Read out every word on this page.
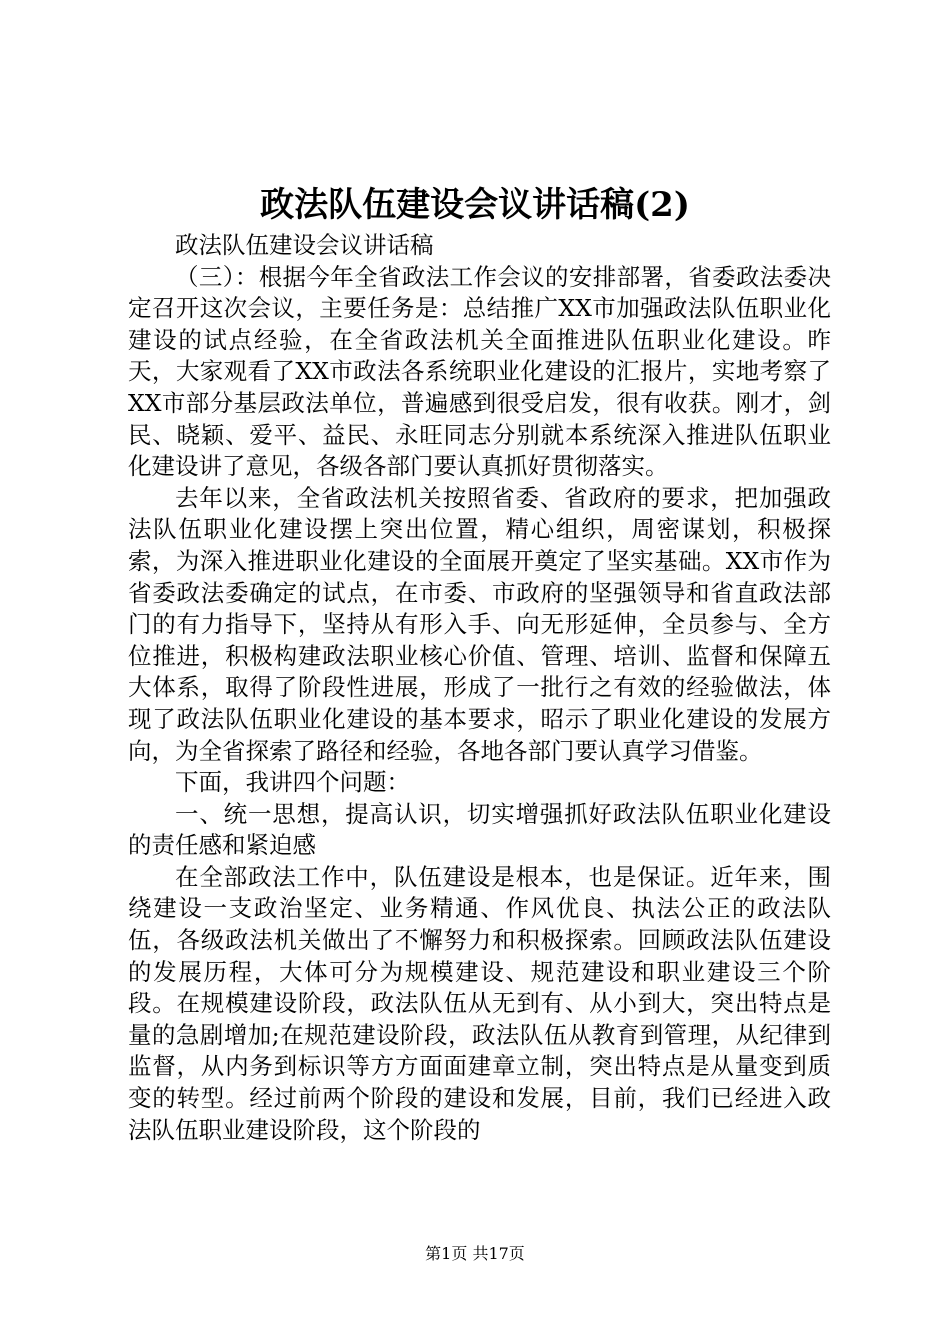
政法队伍建设会议讲话稿(2)

政法队伍建设会议讲话稿

（三）：根据今年全省政法工作会议的安排部署，省委政法委决定召开这次会议，主要任务是：总结推广XX市加强政法队伍职业化建设的试点经验，在全省政法机关全面推进队伍职业化建设。昨天，大家观看了XX市政法各系统职业化建设的汇报片，实地考察了XX市部分基层政法单位，普遍感到很受启发，很有收获。刚才，剑民、晓颖、爱平、益民、永旺同志分别就本系统深入推进队伍职业化建设讲了意见，各级各部门要认真抓好贯彻落实。

去年以来，全省政法机关按照省委、省政府的要求，把加强政法队伍职业化建设摆上突出位置，精心组织，周密谋划，积极探索，为深入推进职业化建设的全面展开奠定了坚实基础。XX市作为省委政法委确定的试点，在市委、市政府的坚强领导和省直政法部门的有力指导下，坚持从有形入手、向无形延伸，全员参与、全方位推进，积极构建政法职业核心价值、管理、培训、监督和保障五大体系，取得了阶段性进展，形成了一批行之有效的经验做法，体现了政法队伍职业化建设的基本要求，昭示了职业化建设的发展方向，为全省探索了路径和经验，各地各部门要认真学习借鉴。

下面，我讲四个问题：

一、统一思想，提高认识，切实增强抓好政法队伍职业化建设的责任感和紧迫感

在全部政法工作中，队伍建设是根本，也是保证。近年来，围绕建设一支政治坚定、业务精通、作风优良、执法公正的政法队伍，各级政法机关做出了不懈努力和积极探索。回顾政法队伍建设的发展历程，大体可分为规模建设、规范建设和职业建设三个阶段。在规模建设阶段，政法队伍从无到有、从小到大，突出特点是量的急剧增加;在规范建设阶段，政法队伍从教育到管理，从纪律到监督，从内务到标识等方方面面建章立制，突出特点是从量变到质变的转型。经过前两个阶段的建设和发展，目前，我们已经进入政法队伍职业建设阶段，这个阶段的

第1页 共17页
